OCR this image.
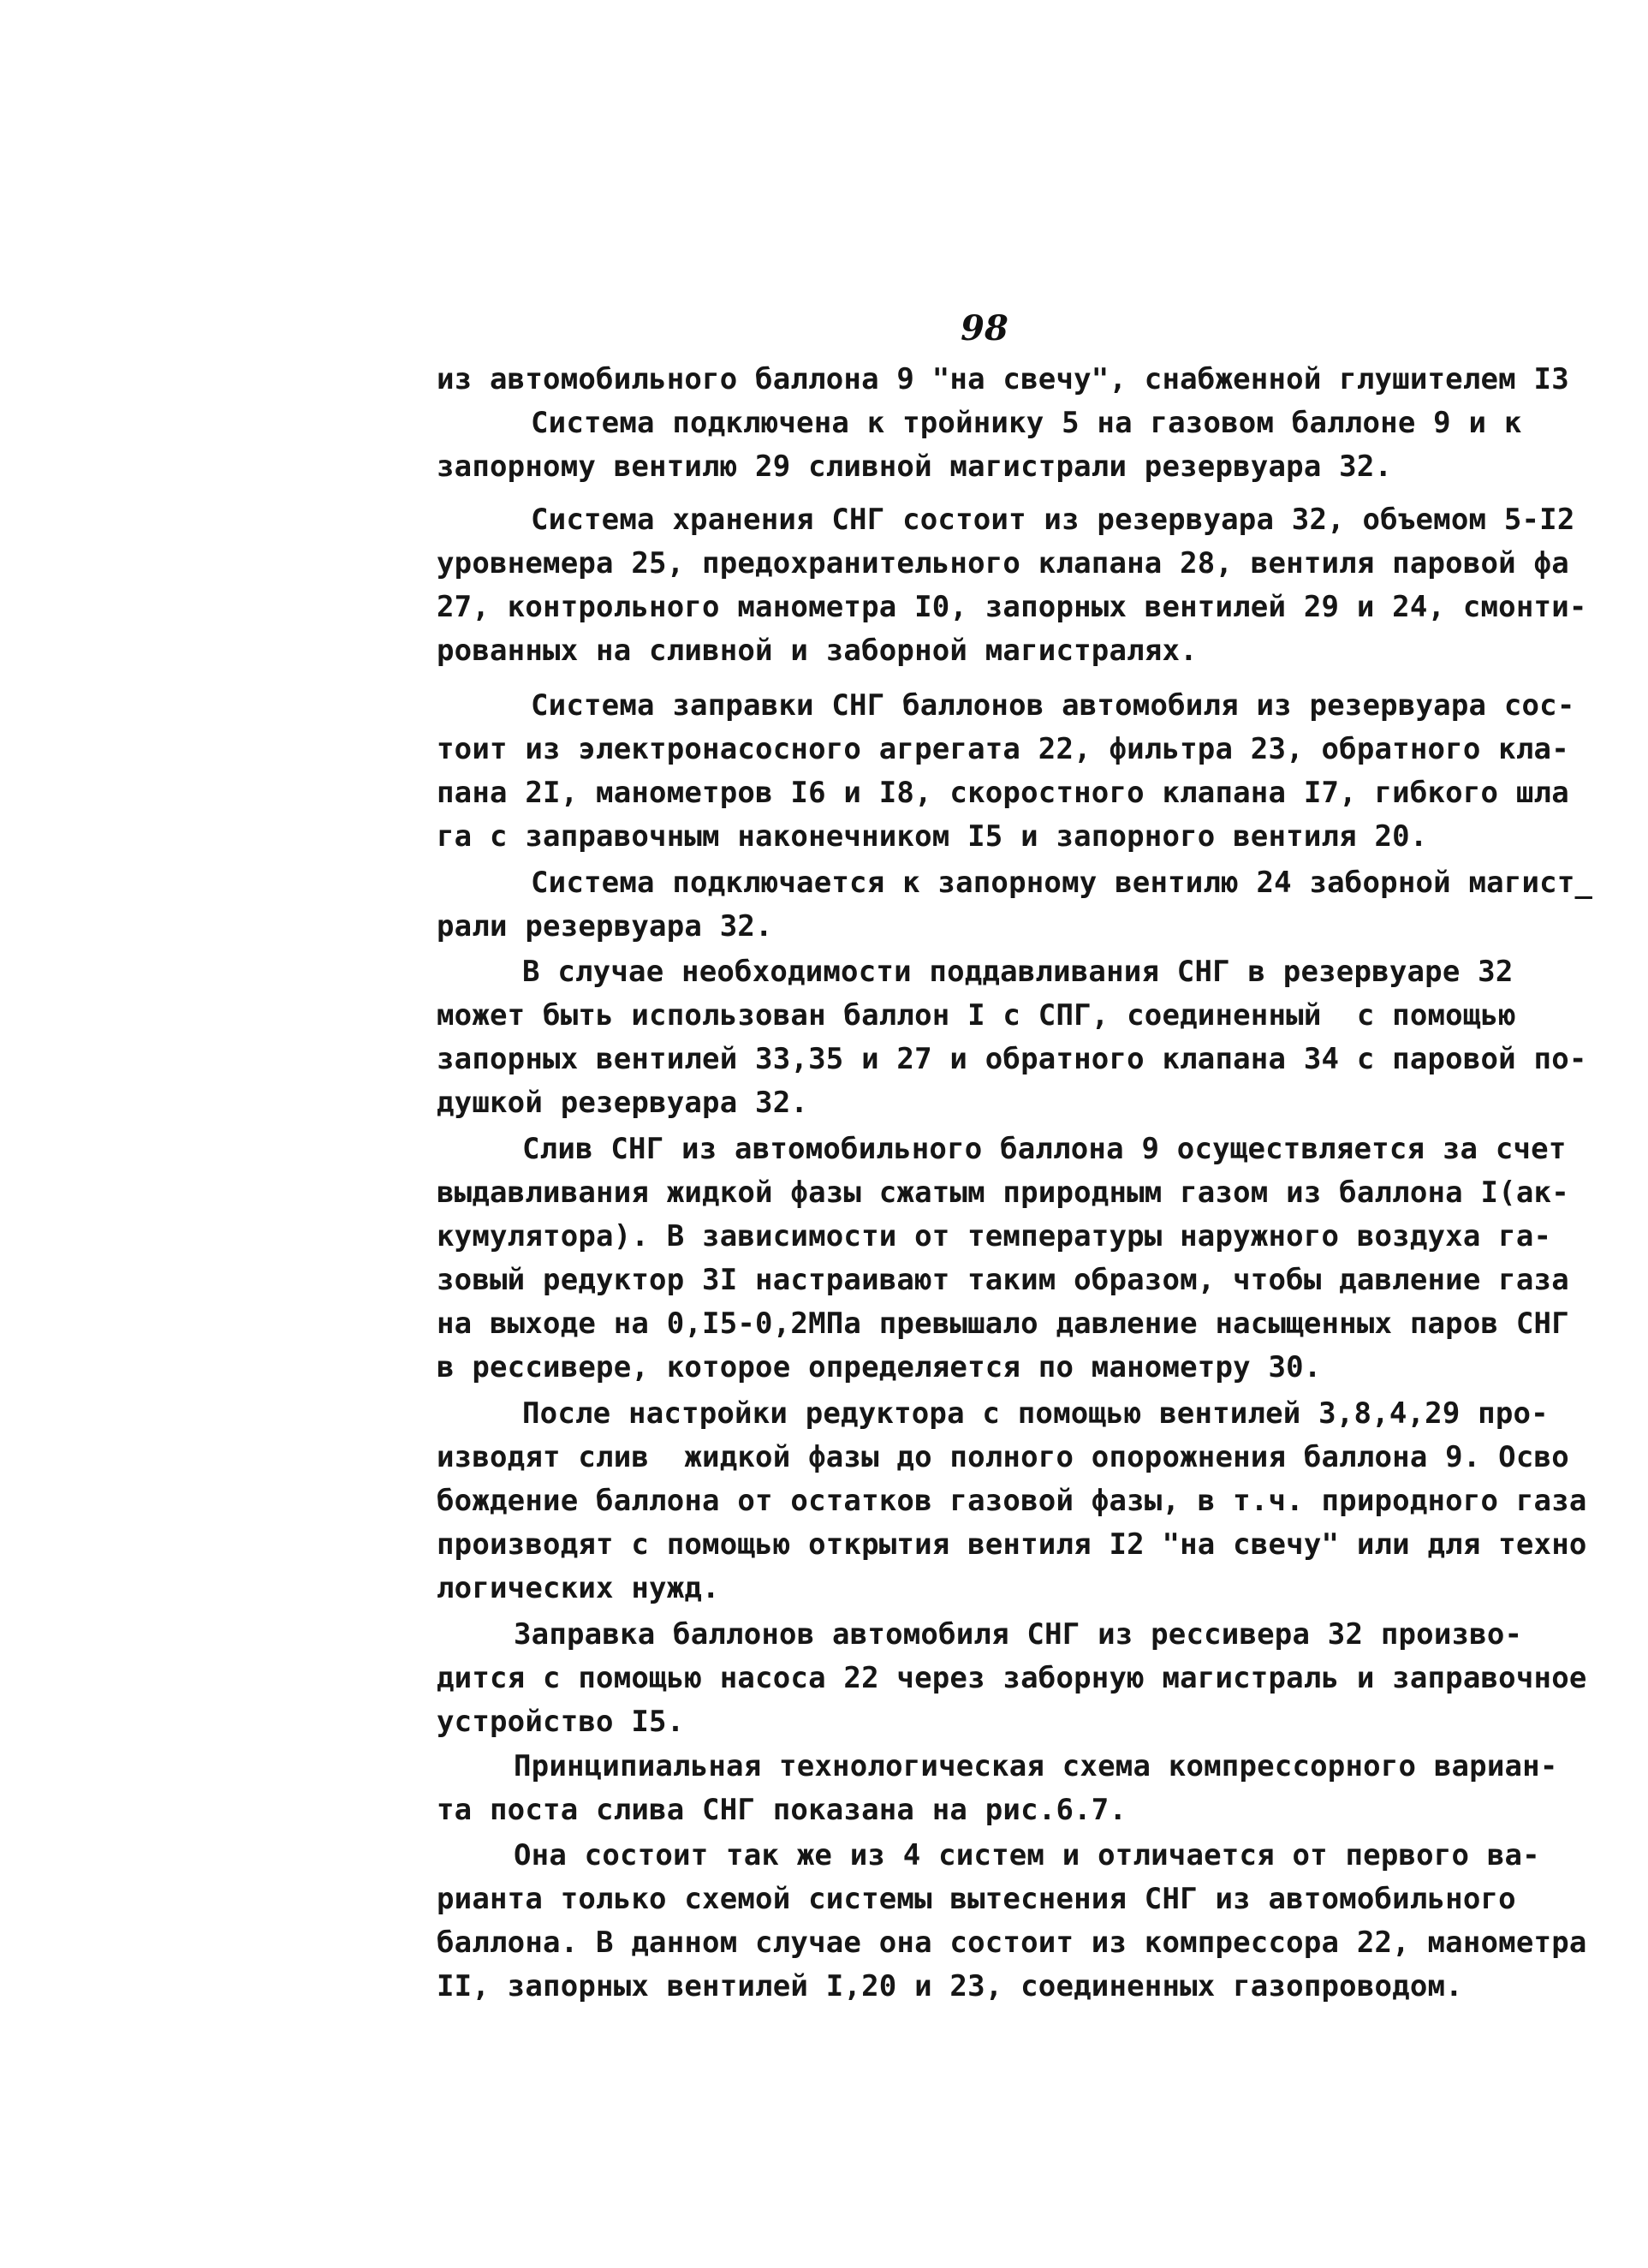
98
из автомобильного баллона 9 "на свечу", снабженной глушителем I3
Система подключена к тройнику 5 на газовом баллоне 9 и к
запорному вентилю 29 сливной магистрали резервуара 32.
Система хранения СНГ состоит из резервуара 32, объемом 5-I2
уровнемера 25, предохранительного клапана 28, вентиля паровой фа
27, контрольного манометра I0, запорных вентилей 29 и 24, смонти-
рованных на сливной и заборной магистралях.
Система заправки СНГ баллонов автомобиля из резервуара сос-
тоит из электронасосного агрегата 22, фильтра 23, обратного кла-
пана 2I, манометров I6 и I8, скоростного клапана I7, гибкого шла
га с заправочным наконечником I5 и запорного вентиля 20.
Система подключается к запорному вентилю 24 заборной магист_
рали резервуара 32.
В случае необходимости поддавливания СНГ в резервуаре 32
может быть использован баллон I с СПГ, соединенный  с помощью
запорных вентилей 33,35 и 27 и обратного клапана 34 с паровой по-
душкой резервуара 32.
Слив СНГ из автомобильного баллона 9 осуществляется за счет
выдавливания жидкой фазы сжатым природным газом из баллона I(ак-
кумулятора). В зависимости от температуры наружного воздуха га-
зовый редуктор 3I настраивают таким образом, чтобы давление газа
на выходе на 0,I5-0,2МПа превышало давление насыщенных паров СНГ
в рессивере, которое определяется по манометру 30.
После настройки редуктора с помощью вентилей 3,8,4,29 про-
изводят слив  жидкой фазы до полного опорожнения баллона 9. Осво
бождение баллона от остатков газовой фазы, в т.ч. природного газа
производят с помощью открытия вентиля I2 "на свечу" или для техно
логических нужд.
Заправка баллонов автомобиля СНГ из рессивера 32 произво-
дится с помощью насоса 22 через заборную магистраль и заправочное
устройство I5.
Принципиальная технологическая схема компрессорного вариан-
та поста слива СНГ показана на рис.6.7.
Она состоит так же из 4 систем и отличается от первого ва-
рианта только схемой системы вытеснения СНГ из автомобильного
баллона. В данном случае она состоит из компрессора 22, манометра
II, запорных вентилей I,20 и 23, соединенных газопроводом.
